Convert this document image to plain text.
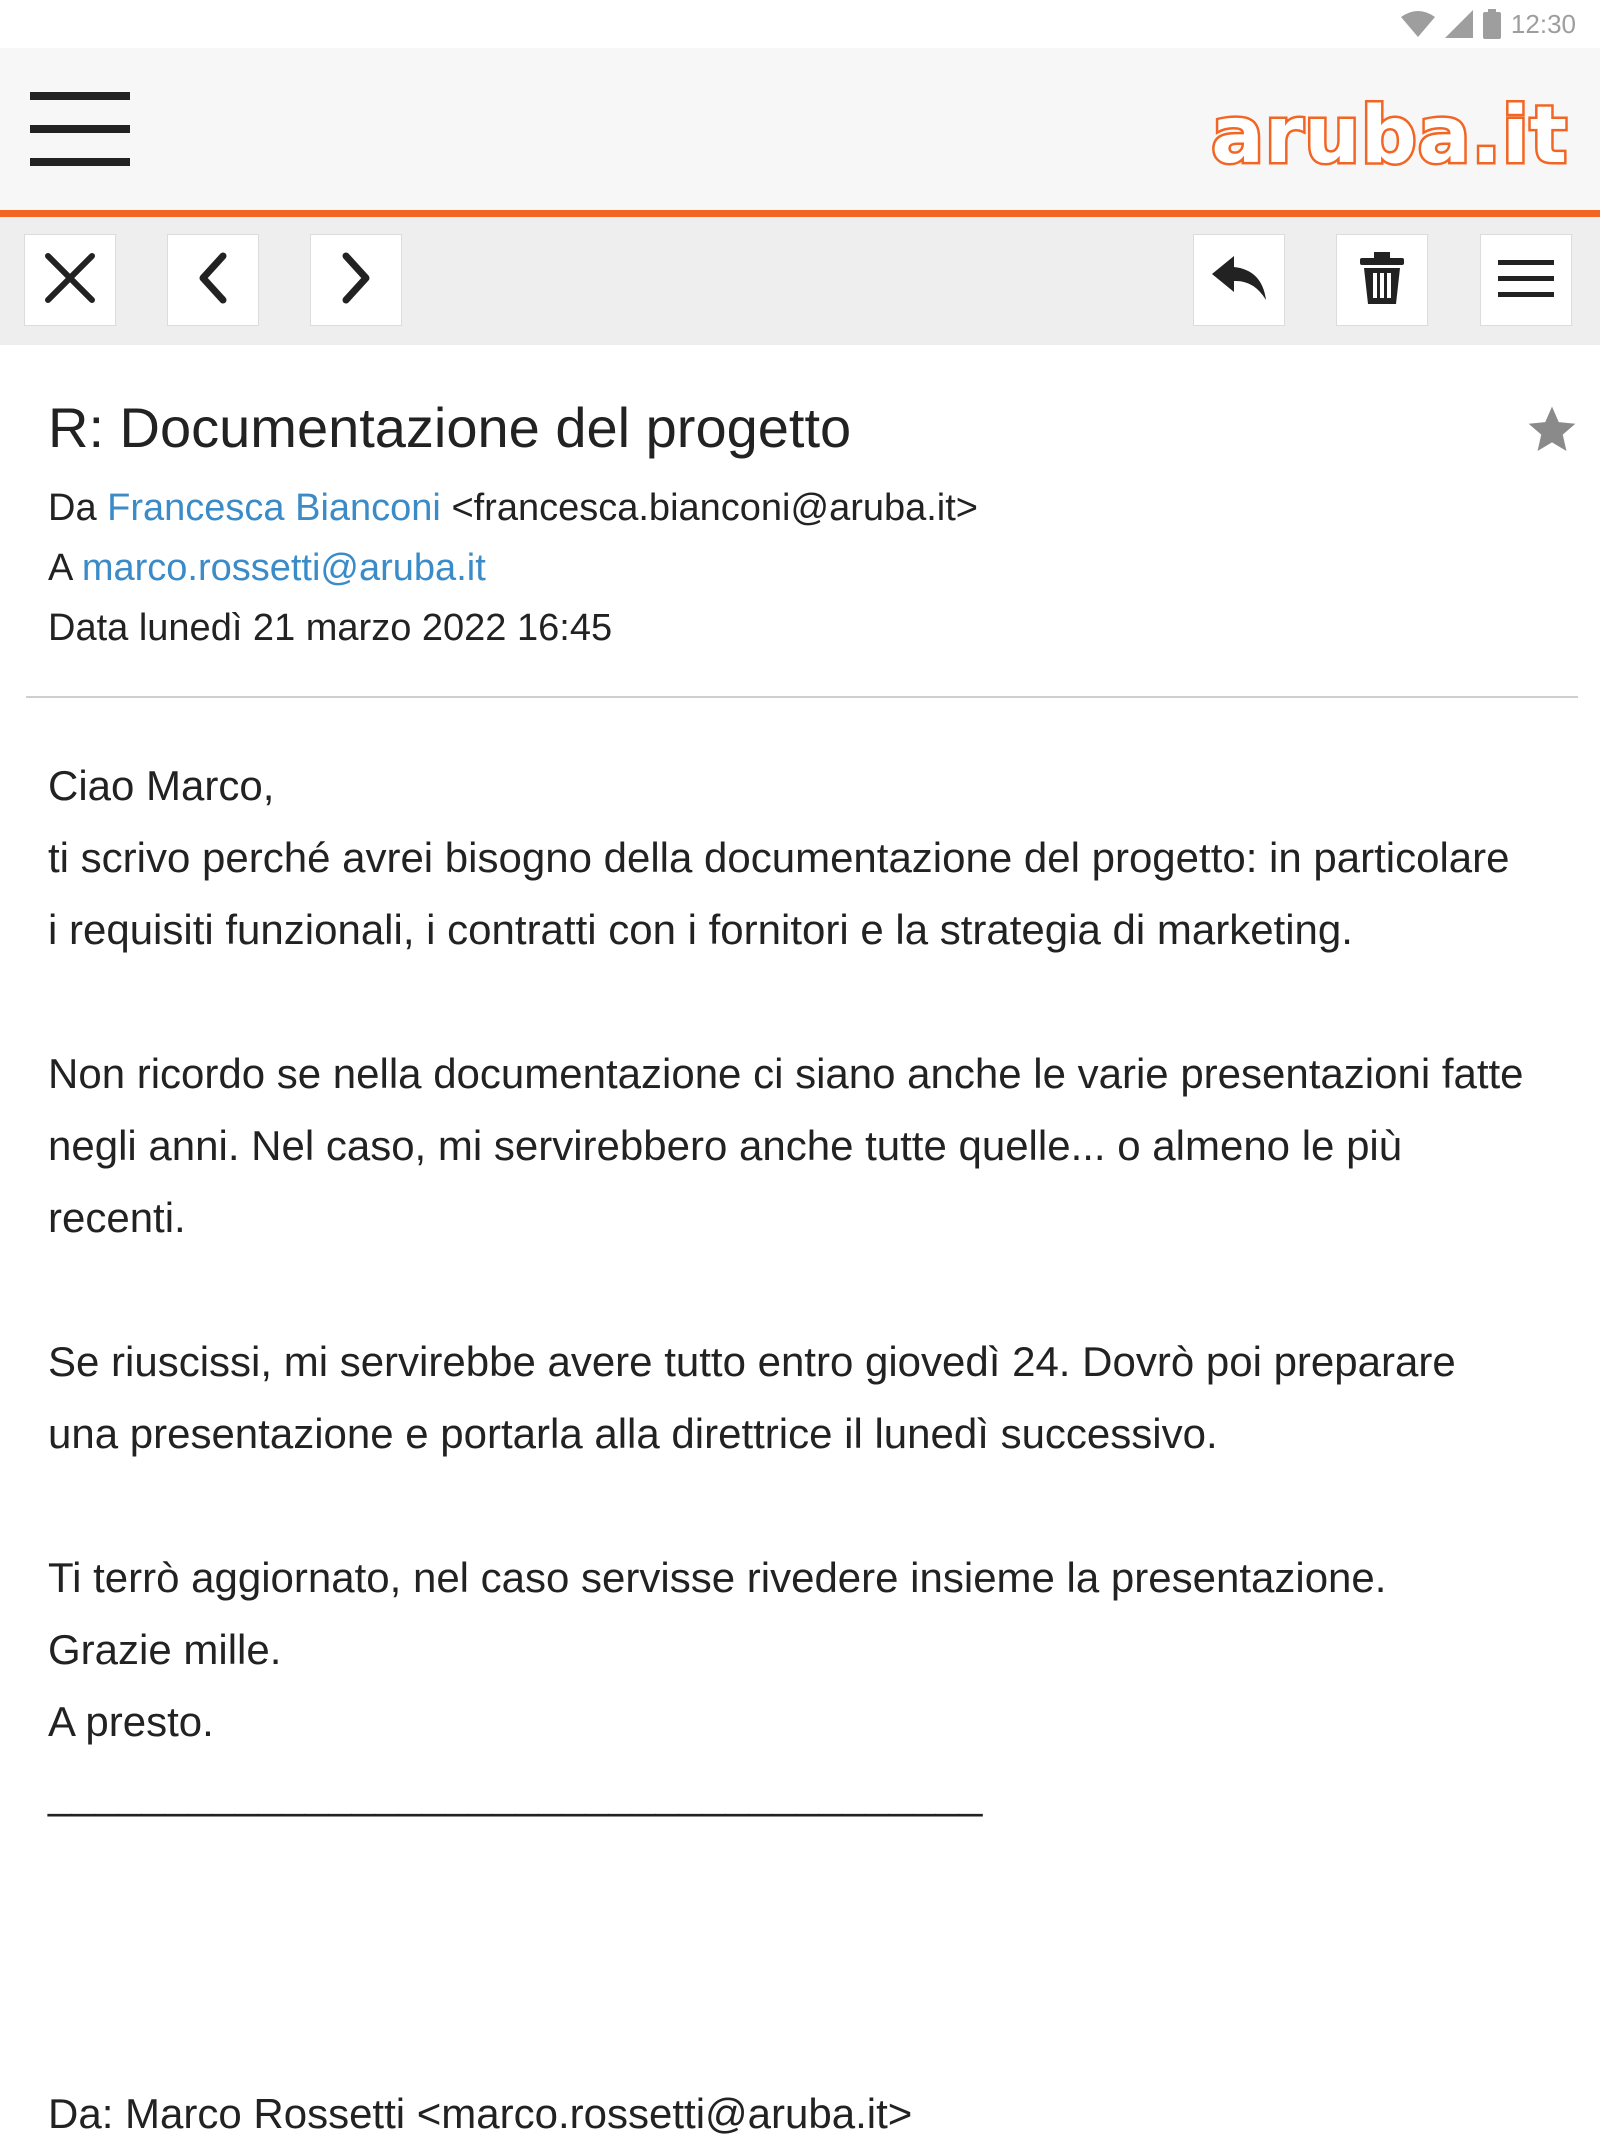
12:30
aruba.it
R: Documentazione del progetto
Da Francesca Bianconi <francesca.bianconi@aruba.it>
A marco.rossetti@aruba.it
Data lunedì 21 marzo 2022 16:45

Ciao Marco,

ti scrivo perché avrei bisogno della documentazione del progetto: in particolare i requisiti funzionali, i contratti con i fornitori e la strategia di marketing.

Non ricordo se nella documentazione ci siano anche le varie presentazioni fatte negli anni. Nel caso, mi servirebbero anche tutte quelle... o almeno le più recenti.

Se riuscissi, mi servirebbe avere tutto entro giovedì 24. Dovrò poi preparare una presentazione e portarla alla direttrice il lunedì successivo.

Ti terrò aggiornato, nel caso servisse rivedere insieme la presentazione.

Grazie mille.

A presto.

________________________________________

Da: Marco Rossetti <marco.rossetti@aruba.it>
